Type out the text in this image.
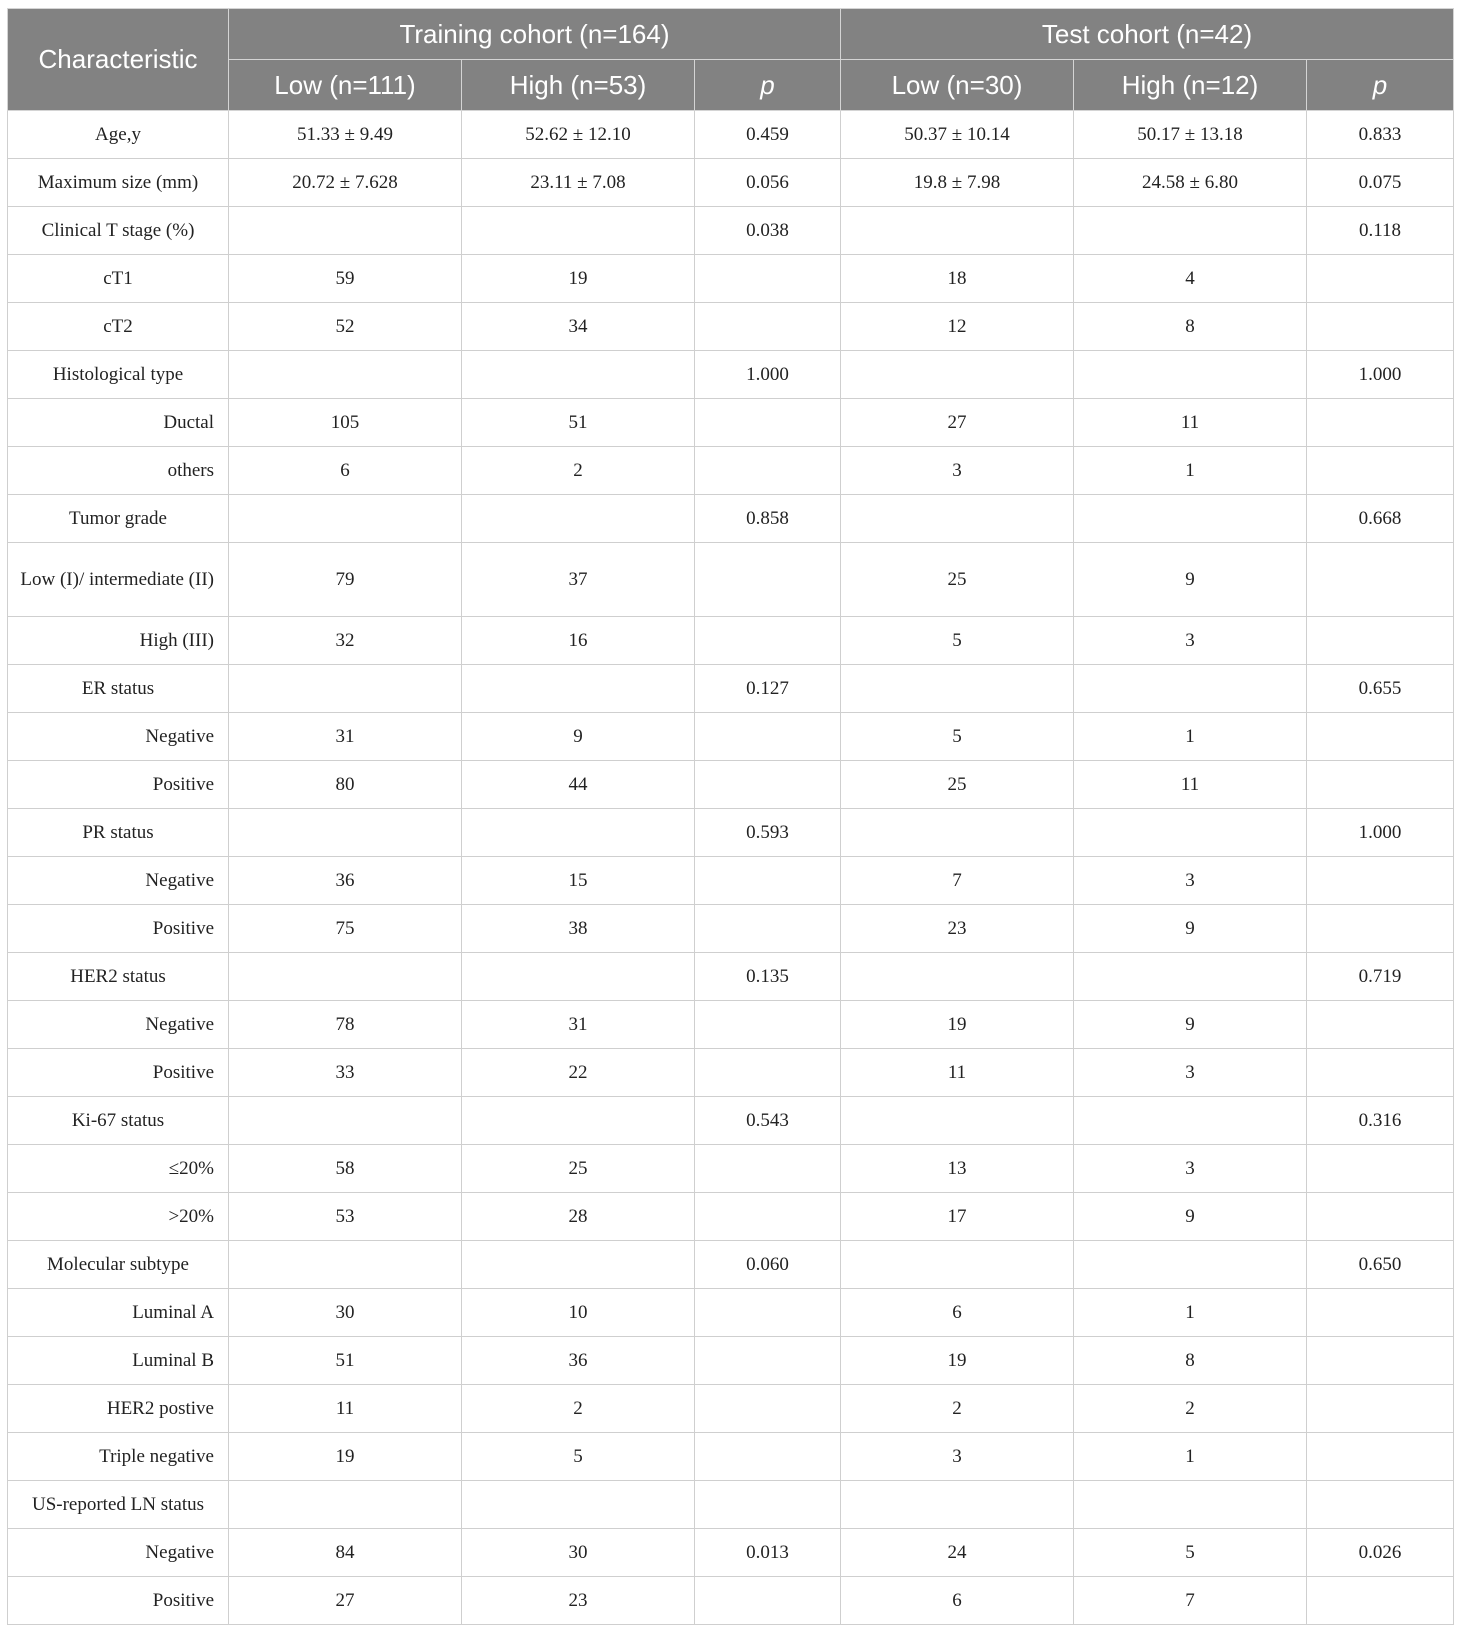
Characteristic	Training cohort (n=164)			Test cohort (n=42)		
	Low (n=111)	High (n=53)	p	Low (n=30)	High (n=12)	p
Age,y	51.33 ± 9.49	52.62 ± 12.10	0.459	50.37 ± 10.14	50.17 ± 13.18	0.833
Maximum size (mm)	20.72 ± 7.628	23.11 ± 7.08	0.056	19.8 ± 7.98	24.58 ± 6.80	0.075
Clinical T stage (%)			0.038			0.118
cT1	59	19		18	4	
cT2	52	34		12	8	
Histological type			1.000			1.000
Ductal	105	51		27	11	
others	6	2		3	1	
Tumor grade			0.858			0.668
Low (I)/ intermediate (II)	79	37		25	9	
High (III)	32	16		5	3	
ER status			0.127			0.655
Negative	31	9		5	1	
Positive	80	44		25	11	
PR status			0.593			1.000
Negative	36	15		7	3	
Positive	75	38		23	9	
HER2 status			0.135			0.719
Negative	78	31		19	9	
Positive	33	22		11	3	
Ki-67 status			0.543			0.316
≤20%	58	25		13	3	
>20%	53	28		17	9	
Molecular subtype			0.060			0.650
Luminal A	30	10		6	1	
Luminal B	51	36		19	8	
HER2 postive	11	2		2	2	
Triple negative	19	5		3	1	
US-reported LN status						
Negative	84	30	0.013	24	5	0.026
Positive	27	23		6	7	
